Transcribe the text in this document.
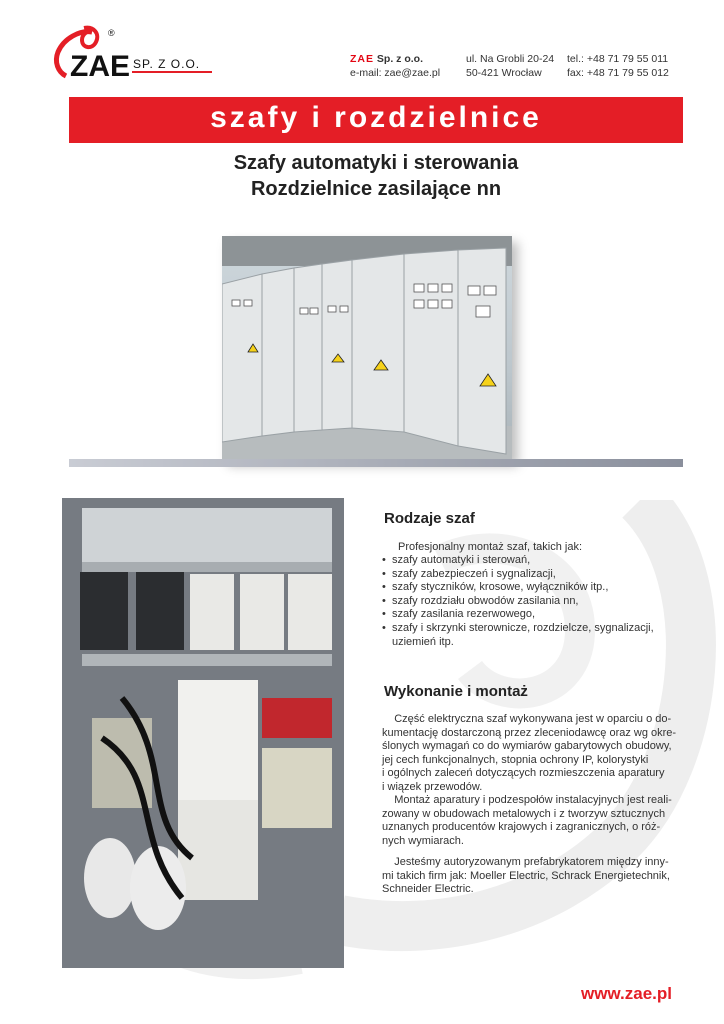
ZAE SP. Z O.O.
®
ZAE Sp. z o.o.
e-mail: zae@zae.pl
ul. Na Grobli 20-24
50-421 Wrocław
tel.: +48 71 79 55 011
fax: +48 71 79 55 012
szafy i rozdzielnice
Szafy automatyki i sterowania
Rozdzielnice zasilające nn
Rodzaje szaf
Profesjonalny montaż szaf, takich jak:
• szafy automatyki i sterowań,
• szafy zabezpieczeń i sygnalizacji,
• szafy styczników, krosowe, wyłączników itp.,
• szafy rozdziału obwodów zasilania nn,
• szafy zasilania rezerwowego,
• szafy i skrzynki sterownicze, rozdzielcze, sygnalizacji,
uziemień itp.
Wykonanie i montaż

Część elektryczna szaf wykonywana jest w oparciu o do-
kumentację dostarczoną przez zleceniodawcę oraz wg okre-
ślonych wymagań co do wymiarów gabarytowych obudowy,
jej cech funkcjonalnych, stopnia ochrony IP, kolorystyki
i ogólnych zaleceń dotyczących rozmieszczenia aparatury
i wiązek przewodów.

Montaż aparatury i podzespołów instalacyjnych jest reali-
zowany w obudowach metalowych i z tworzyw sztucznych
uznanych producentów krajowych i zagranicznych, o róż-
nych wymiarach.

Jesteśmy autoryzowanym prefabrykatorem między inny-
mi takich firm jak: Moeller Electric, Schrack Energietechnik,
Schneider Electric.

www.zae.pl
